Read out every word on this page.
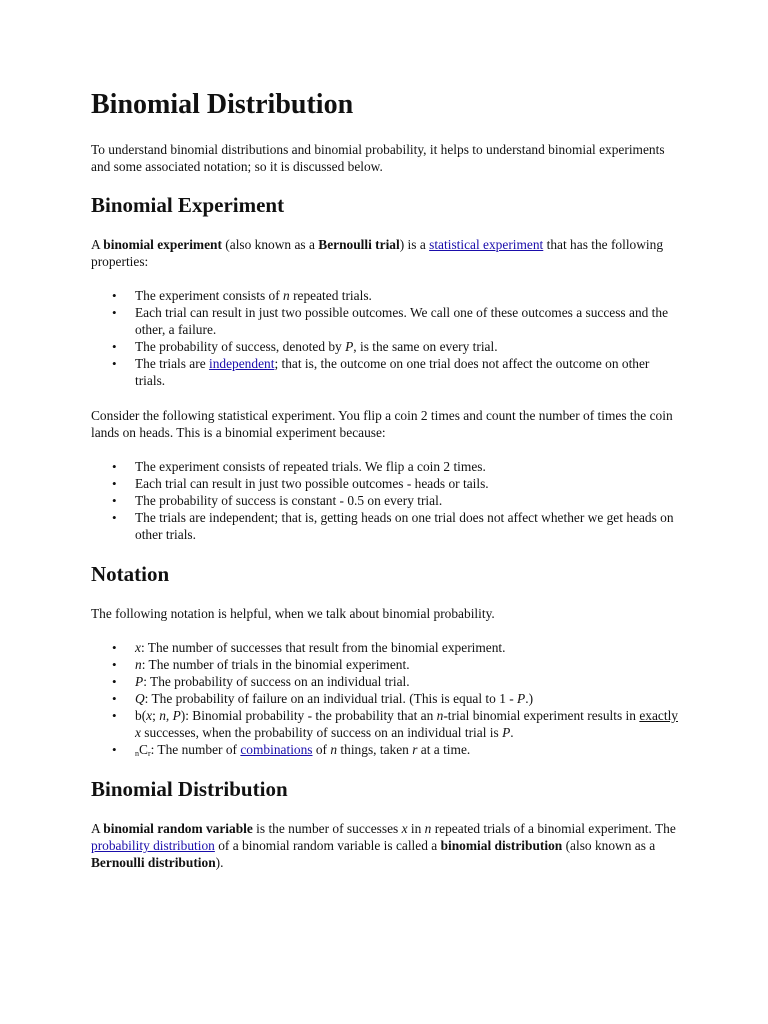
Binomial Distribution

To understand binomial distributions and binomial probability, it helps to understand binomial experiments and some associated notation; so it is discussed below.

Binomial Experiment

A binomial experiment (also known as a Bernoulli trial) is a statistical experiment that has the following properties:

• The experiment consists of n repeated trials.
• Each trial can result in just two possible outcomes. We call one of these outcomes a success and the other, a failure.
• The probability of success, denoted by P, is the same on every trial.
• The trials are independent; that is, the outcome on one trial does not affect the outcome on other trials.

Consider the following statistical experiment. You flip a coin 2 times and count the number of times the coin lands on heads. This is a binomial experiment because:

• The experiment consists of repeated trials. We flip a coin 2 times.
• Each trial can result in just two possible outcomes - heads or tails.
• The probability of success is constant - 0.5 on every trial.
• The trials are independent; that is, getting heads on one trial does not affect whether we get heads on other trials.
Notation

The following notation is helpful, when we talk about binomial probability.

• x: The number of successes that result from the binomial experiment.
• n: The number of trials in the binomial experiment.
• P: The probability of success on an individual trial.
• Q: The probability of failure on an individual trial. (This is equal to 1 - P.)
• b(x; n, P): Binomial probability - the probability that an n-trial binomial experiment results in exactly x successes, when the probability of success on an individual trial is P.
• $_nC_r$: The number of combinations of n things, taken r at a time.
Binomial Distribution

A binomial random variable is the number of successes x in n repeated trials of a binomial experiment. The probability distribution of a binomial random variable is called a binomial distribution (also known as a Bernoulli distribution).
